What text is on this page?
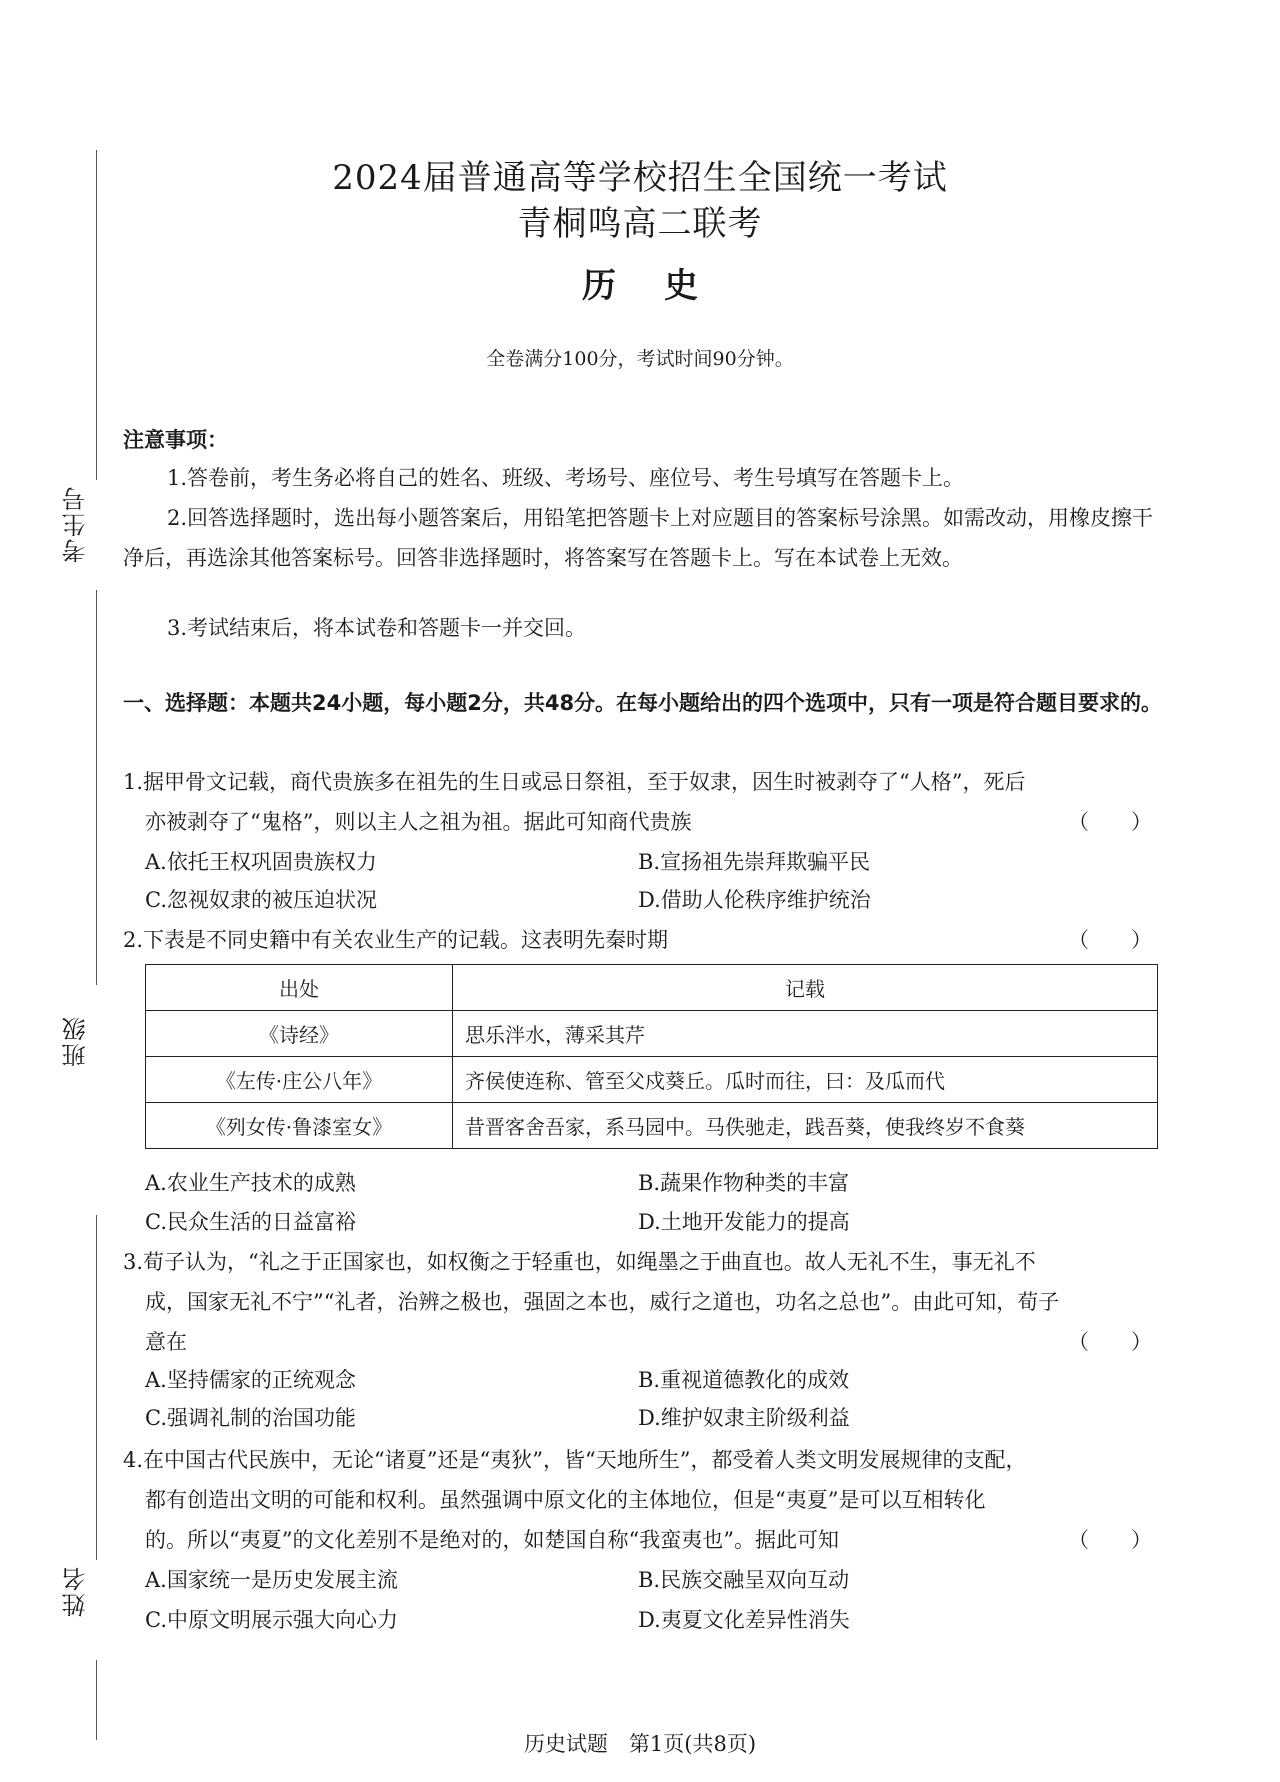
考生号
班级
姓名
2024届普通高等学校招生全国统一考试
青桐鸣高二联考
历 史
全卷满分100分，考试时间90分钟。
注意事项：
1.答卷前，考生务必将自己的姓名、班级、考场号、座位号、考生号填写在答题卡上。
2.回答选择题时，选出每小题答案后，用铅笔把答题卡上对应题目的答案标号涂黑。如需改动，用橡皮擦干净后，再选涂其他答案标号。回答非选择题时，将答案写在答题卡上。写在本试卷上无效。
3.考试结束后，将本试卷和答题卡一并交回。
一、选择题：本题共24小题，每小题2分，共48分。在每小题给出的四个选项中，只有一项是符合题目要求的。
1.据甲骨文记载，商代贵族多在祖先的生日或忌日祭祖，至于奴隶，因生时被剥夺了“人格”，死后
亦被剥夺了“鬼格”，则以主人之祖为祖。据此可知商代贵族	（　　）
A.依托王权巩固贵族权力	B.宣扬祖先崇拜欺骗平民
C.忽视奴隶的被压迫状况	D.借助人伦秩序维护统治
2.下表是不同史籍中有关农业生产的记载。这表明先秦时期	（　　）
出处	记载
《诗经》	思乐泮水，薄采其芹
《左传·庄公八年》	齐侯使连称、管至父戍葵丘。瓜时而往，曰：及瓜而代
《列女传·鲁漆室女》	昔晋客舍吾家，系马园中。马佚驰走，践吾葵，使我终岁不食葵
A.农业生产技术的成熟	B.蔬果作物种类的丰富
C.民众生活的日益富裕	D.土地开发能力的提高
3.荀子认为，“礼之于正国家也，如权衡之于轻重也，如绳墨之于曲直也。故人无礼不生，事无礼不
成，国家无礼不宁”“礼者，治辨之极也，强固之本也，威行之道也，功名之总也”。由此可知，荀子
意在	（　　）
A.坚持儒家的正统观念	B.重视道德教化的成效
C.强调礼制的治国功能	D.维护奴隶主阶级利益
4.在中国古代民族中，无论“诸夏”还是“夷狄”，皆“天地所生”，都受着人类文明发展规律的支配，
都有创造出文明的可能和权利。虽然强调中原文化的主体地位，但是“夷夏”是可以互相转化
的。所以“夷夏”的文化差别不是绝对的，如楚国自称“我蛮夷也”。据此可知	（　　）
A.国家统一是历史发展主流	B.民族交融呈双向互动
C.中原文明展示强大向心力	D.夷夏文化差异性消失
历史试题　第1页(共8页)
